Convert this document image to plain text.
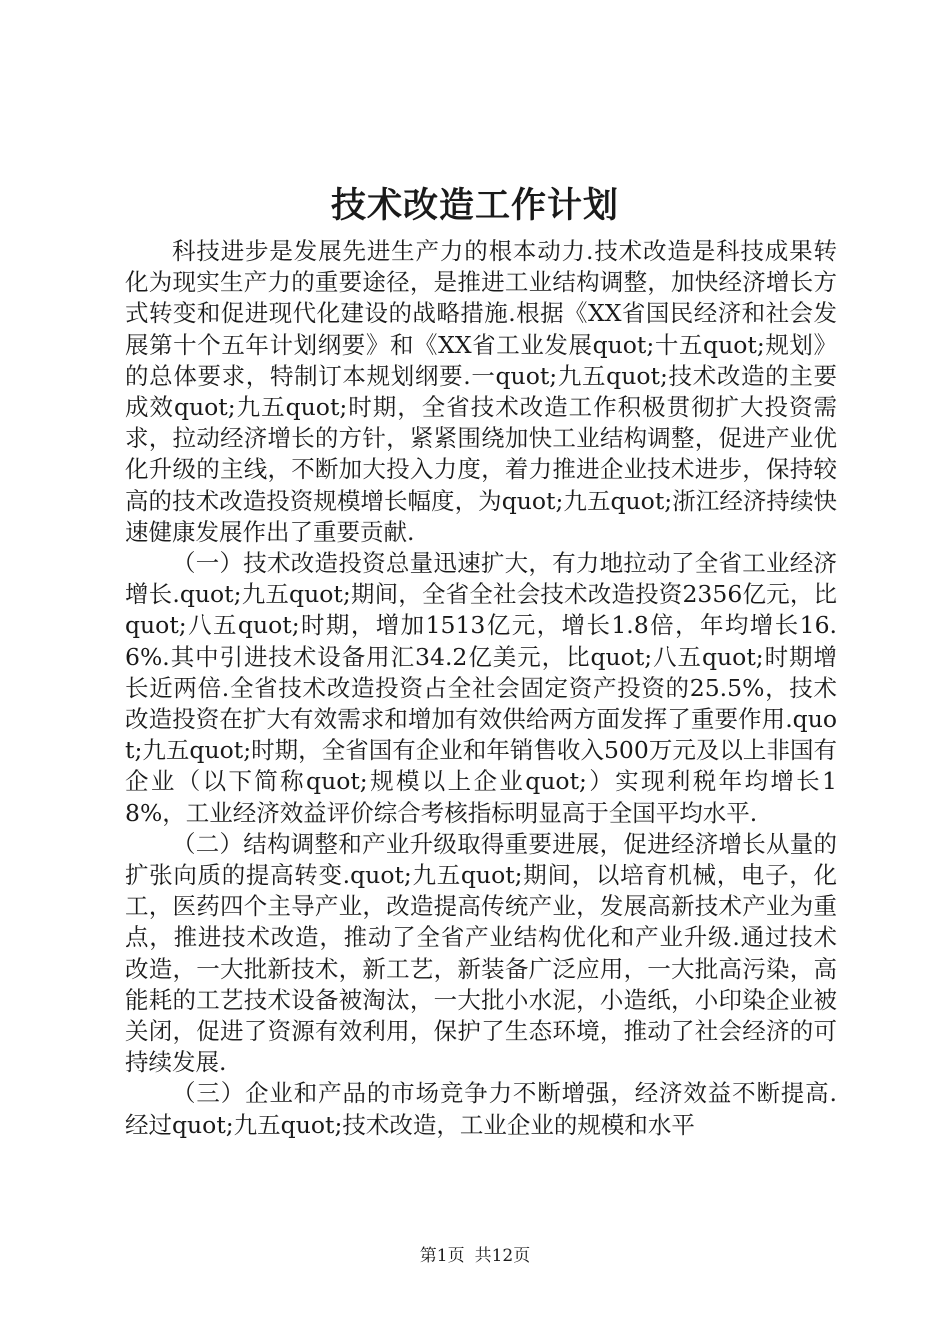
技术改造工作计划

科技进步是发展先进生产力的根本动力.技术改造是科技成果转化为现实生产力的重要途径，是推进工业结构调整，加快经济增长方式转变和促进现代化建设的战略措施.根据《XX省国民经济和社会发展第十个五年计划纲要》和《XX省工业发展quot;十五quot;规划》的总体要求，特制订本规划纲要.一quot;九五quot;技术改造的主要成效quot;九五quot;时期，全省技术改造工作积极贯彻扩大投资需求，拉动经济增长的方针，紧紧围绕加快工业结构调整，促进产业优化升级的主线，不断加大投入力度，着力推进企业技术进步，保持较高的技术改造投资规模增长幅度，为quot;九五quot;浙江经济持续快速健康发展作出了重要贡献.

（一）技术改造投资总量迅速扩大，有力地拉动了全省工业经济增长.quot;九五quot;期间，全省全社会技术改造投资2356亿元，比quot;八五quot;时期，增加1513亿元，增长1.8倍，年均增长16.6%.其中引进技术设备用汇34.2亿美元，比quot;八五quot;时期增长近两倍.全省技术改造投资占全社会固定资产投资的25.5%，技术改造投资在扩大有效需求和增加有效供给两方面发挥了重要作用.quot;九五quot;时期，全省国有企业和年销售收入500万元及以上非国有企业（以下简称quot;规模以上企业quot;）实现利税年均增长18%，工业经济效益评价综合考核指标明显高于全国平均水平.

（二）结构调整和产业升级取得重要进展，促进经济增长从量的扩张向质的提高转变.quot;九五quot;期间，以培育机械，电子，化工，医药四个主导产业，改造提高传统产业，发展高新技术产业为重点，推进技术改造，推动了全省产业结构优化和产业升级.通过技术改造，一大批新技术，新工艺，新装备广泛应用，一大批高污染，高能耗的工艺技术设备被淘汰，一大批小水泥，小造纸，小印染企业被关闭，促进了资源有效利用，保护了生态环境，推动了社会经济的可持续发展.

（三）企业和产品的市场竞争力不断增强，经济效益不断提高.经过quot;九五quot;技术改造，工业企业的规模和水平

第1页 共12页
